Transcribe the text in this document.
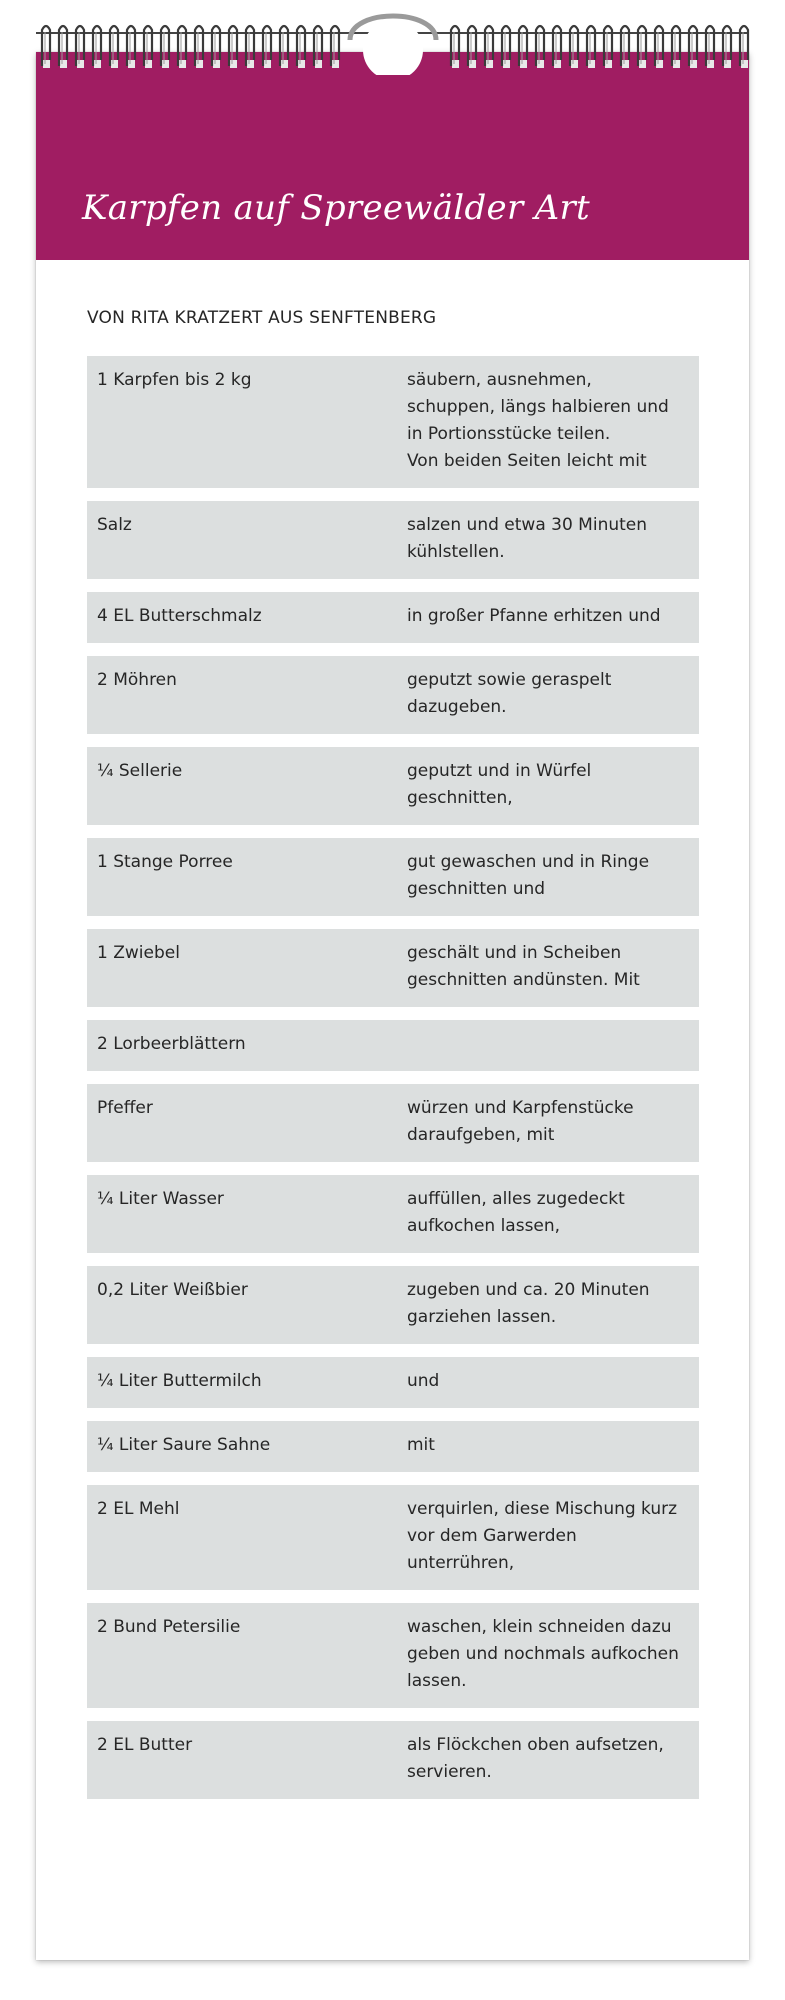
Karpfen auf Spreewälder Art

VON RITA KRATZERT AUS SENFTENBERG

1 Karpfen bis 2 kg	säubern, ausnehmen,
schuppen, längs halbieren und
in Portionsstücke teilen.
Von beiden Seiten leicht mit
Salz	salzen und etwa 30 Minuten
kühlstellen.
4 EL Butterschmalz	in großer Pfanne erhitzen und
2 Möhren	geputzt sowie geraspelt
dazugeben.
¼ Sellerie	geputzt und in Würfel
geschnitten,
1 Stange Porree	gut gewaschen und in Ringe
geschnitten und
1 Zwiebel	geschält und in Scheiben
geschnitten andünsten. Mit
2 Lorbeerblättern
Pfeffer	würzen und Karpfenstücke
daraufgeben, mit
¼ Liter Wasser	auffüllen, alles zugedeckt
aufkochen lassen,
0,2 Liter Weißbier	zugeben und ca. 20 Minuten
garziehen lassen.
¼ Liter Buttermilch	und
¼ Liter Saure Sahne	mit
2 EL Mehl	verquirlen, diese Mischung kurz
vor dem Garwerden unterrühren,
2 Bund Petersilie	waschen, klein schneiden dazu
geben und nochmals aufkochen
lassen.
2 EL Butter	als Flöckchen oben aufsetzen,
servieren.
